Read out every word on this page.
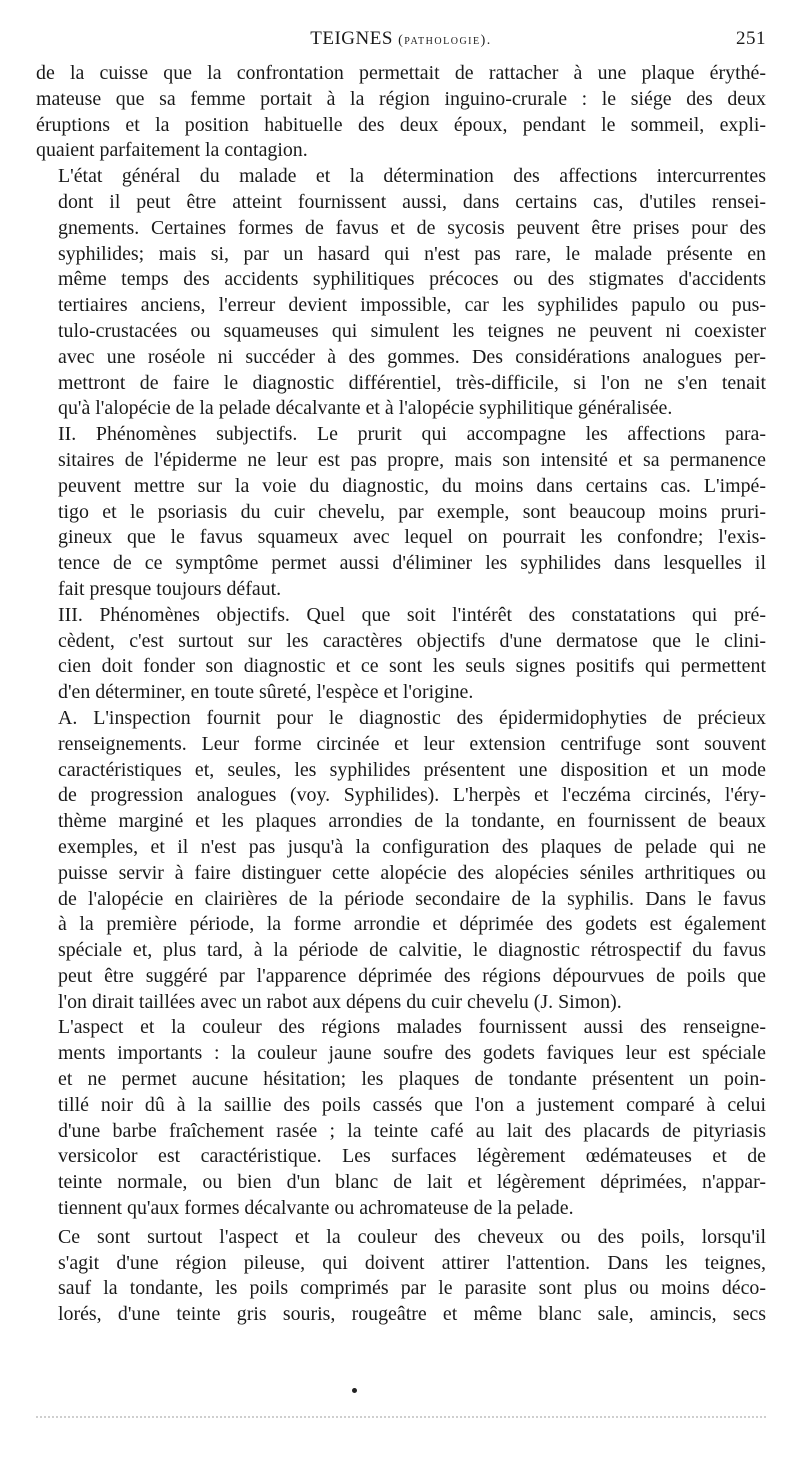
TEIGNES (pathologie).	251

de la cuisse que la confrontation permettait de rattacher à une plaque érythé-
mateuse que sa femme portait à la région inguino-crurale : le siége des deux
éruptions et la position habituelle des deux époux, pendant le sommeil, expli-
quaient parfaitement la contagion.

L'état général du malade et la détermination des affections intercurrentes
dont il peut être atteint fournissent aussi, dans certains cas, d'utiles rensei-
gnements. Certaines formes de favus et de sycosis peuvent être prises pour des
syphilides; mais si, par un hasard qui n'est pas rare, le malade présente en
même temps des accidents syphilitiques précoces ou des stigmates d'accidents
tertiaires anciens, l'erreur devient impossible, car les syphilides papulo ou pus-
tulo-crustacées ou squameuses qui simulent les teignes ne peuvent ni coexister
avec une roséole ni succéder à des gommes. Des considérations analogues per-
mettront de faire le diagnostic différentiel, très-difficile, si l'on ne s'en tenait
qu'à l'alopécie de la pelade décalvante et à l'alopécie syphilitique généralisée.

II. Phénomènes subjectifs. Le prurit qui accompagne les affections para-
sitaires de l'épiderme ne leur est pas propre, mais son intensité et sa permanence
peuvent mettre sur la voie du diagnostic, du moins dans certains cas. L'impé-
tigo et le psoriasis du cuir chevelu, par exemple, sont beaucoup moins pruri-
gineux que le favus squameux avec lequel on pourrait les confondre; l'exis-
tence de ce symptôme permet aussi d'éliminer les syphilides dans lesquelles il
fait presque toujours défaut.

III. Phénomènes objectifs. Quel que soit l'intérêt des constatations qui pré-
cèdent, c'est surtout sur les caractères objectifs d'une dermatose que le clini-
cien doit fonder son diagnostic et ce sont les seuls signes positifs qui permettent
d'en déterminer, en toute sûreté, l'espèce et l'origine.

A. L'inspection fournit pour le diagnostic des épidermidophyties de précieux
renseignements. Leur forme circinée et leur extension centrifuge sont souvent
caractéristiques et, seules, les syphilides présentent une disposition et un mode
de progression analogues (voy. Syphilides). L'herpès et l'eczéma circinés, l'éry-
thème marginé et les plaques arrondies de la tondante, en fournissent de beaux
exemples, et il n'est pas jusqu'à la configuration des plaques de pelade qui ne
puisse servir à faire distinguer cette alopécie des alopécies séniles arthritiques ou
de l'alopécie en clairières de la période secondaire de la syphilis. Dans le favus
à la première période, la forme arrondie et déprimée des godets est également
spéciale et, plus tard, à la période de calvitie, le diagnostic rétrospectif du favus
peut être suggéré par l'apparence déprimée des régions dépourvues de poils que
l'on dirait taillées avec un rabot aux dépens du cuir chevelu (J. Simon).

L'aspect et la couleur des régions malades fournissent aussi des renseigne-
ments importants : la couleur jaune soufre des godets faviques leur est spéciale
et ne permet aucune hésitation; les plaques de tondante présentent un poin-
tillé noir dû à la saillie des poils cassés que l'on a justement comparé à celui
d'une barbe fraîchement rasée ; la teinte café au lait des placards de pityriasis
versicolor est caractéristique. Les surfaces légèrement œdémateuses et de
teinte normale, ou bien d'un blanc de lait et légèrement déprimées, n'appar-
tiennent qu'aux formes décalvante ou achromateuse de la pelade.

Ce sont surtout l'aspect et la couleur des cheveux ou des poils, lorsqu'il
s'agit d'une région pileuse, qui doivent attirer l'attention. Dans les teignes,
sauf la tondante, les poils comprimés par le parasite sont plus ou moins déco-
lorés, d'une teinte gris souris, rougeâtre et même blanc sale, amincis, secs
